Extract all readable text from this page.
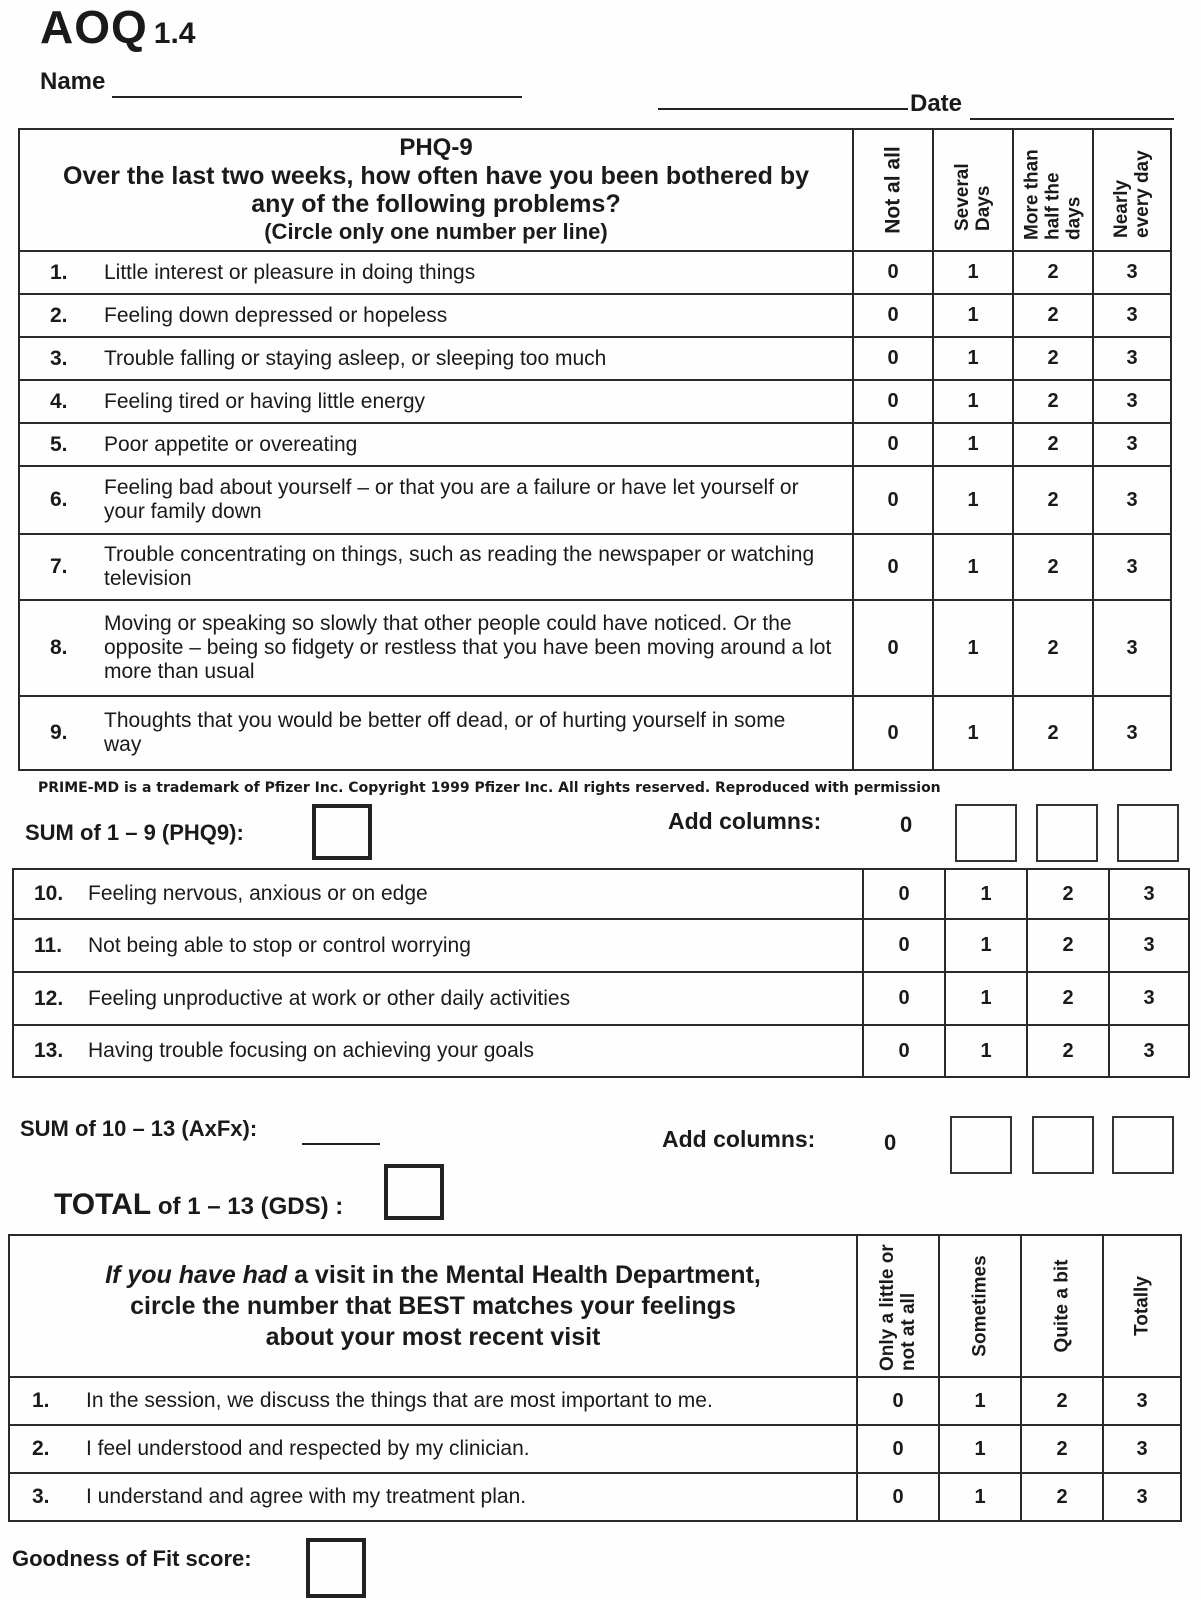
AOQ 1.4
Name
Date
PHQ-9
Over the last two weeks, how often have you been bothered by
any of the following problems?
(Circle only one number per line)	Not al all	Several Days	More than half the days	Nearly every day

1. Little interest or pleasure in doing things	0	1	2	3
2. Feeling down depressed or hopeless	0	1	2	3
3. Trouble falling or staying asleep, or sleeping too much	0	1	2	3
4. Feeling tired or having little energy	0	1	2	3
5. Poor appetite or overeating	0	1	2	3

6.
Feeling bad about yourself – or that you are a failure or have let yourself or your family down	0	1	2	3

7.
Trouble concentrating on things, such as reading the newspaper or watching television	0	1	2	3

8.
Moving or speaking so slowly that other people could have noticed. Or the opposite – being so fidgety or restless that you have been moving around a lot more than usual	0	1	2	3

9.
Thoughts that you would be better off dead, or of hurting yourself in some way	0	1	2	3
PRIME-MD is a trademark of Pfizer Inc. Copyright 1999 Pfizer Inc. All rights reserved. Reproduced with permission
SUM of 1 – 9 (PHQ9):	Add columns:	0
10. Feeling nervous, anxious or on edge	0	1	2	3
11. Not being able to stop or control worrying	0	1	2	3
12. Feeling unproductive at work or other daily activities	0	1	2	3
13. Having trouble focusing on achieving your goals	0	1	2	3
SUM of 10 – 13 (AxFx):	Add columns:	0
TOTAL of 1 – 13 (GDS) :
If you have had a visit in the Mental Health Department,
circle the number that BEST matches your feelings
about your most recent visit	Only a little or not at all	Sometimes	Quite a bit	Totally

1. In the session, we discuss the things that are most important to me.	0	1	2	3
2. I feel understood and respected by my clinician.	0	1	2	3
3. I understand and agree with my treatment plan.	0	1	2	3
Goodness of Fit score:
